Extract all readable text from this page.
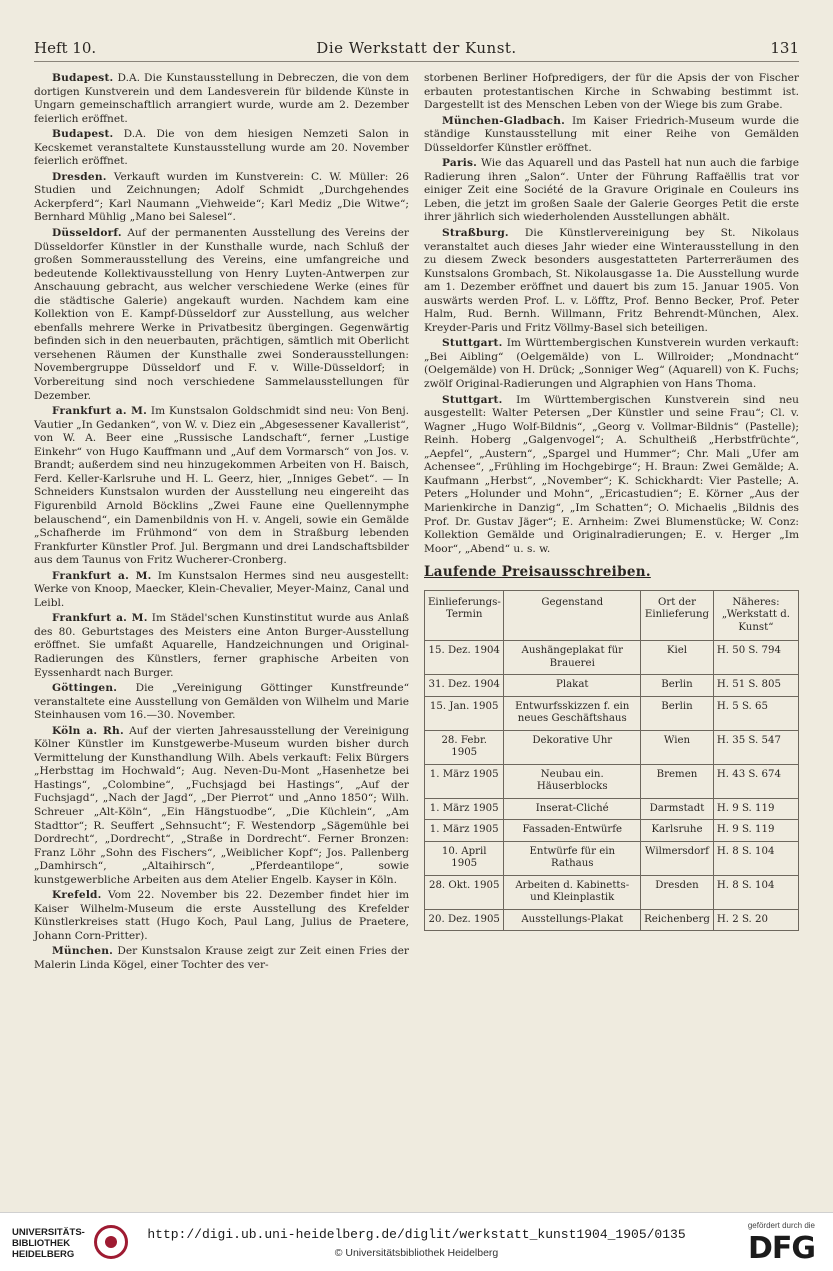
Heft 10.	Die Werkstatt der Kunst.	131

Budapest. D.A. Die Kunstausstellung in Debreczen, die von dem dortigen Kunstverein und dem Landesverein für bildende Künste in Ungarn gemeinschaftlich arrangiert wurde, wurde am 2. Dezember feierlich eröffnet.

Budapest. D.A. Die von dem hiesigen Nemzeti Salon in Kecskemet veranstaltete Kunstausstellung wurde am 20. November feierlich eröffnet.

Dresden. Verkauft wurden im Kunstverein: C. W. Müller: 26 Studien und Zeichnungen; Adolf Schmidt „Durchgehendes Ackerpferd“; Karl Naumann „Viehweide“; Karl Mediz „Die Witwe“; Bernhard Mühlig „Mano bei Salesel“.

Düsseldorf. Auf der permanenten Ausstellung des Vereins der Düsseldorfer Künstler in der Kunsthalle wurde, nach Schluß der großen Sommerausstellung des Vereins, eine umfangreiche und bedeutende Kollektivausstellung von Henry Luyten-Antwerpen zur Anschauung gebracht, aus welcher verschiedene Werke (eines für die städtische Galerie) angekauft wurden. Nachdem kam eine Kollektion von E. Kampf-Düsseldorf zur Ausstellung, aus welcher ebenfalls mehrere Werke in Privatbesitz übergingen. Gegenwärtig befinden sich in den neuerbauten, prächtigen, sämtlich mit Oberlicht versehenen Räumen der Kunsthalle zwei Sonderausstellungen: Novembergruppe Düsseldorf und F. v. Wille-Düsseldorf; in Vorbereitung sind noch verschiedene Sammelausstellungen für Dezember.

Frankfurt a. M. Im Kunstsalon Goldschmidt sind neu: Von Benj. Vautier „In Gedanken“, von W. v. Diez ein „Abgesessener Kavallerist“, von W. A. Beer eine „Russische Landschaft“, ferner „Lustige Einkehr“ von Hugo Kauffmann und „Auf dem Vormarsch“ von Jos. v. Brandt; außerdem sind neu hinzugekommen Arbeiten von H. Baisch, Ferd. Keller-Karlsruhe und H. L. Geerz, hier, „Inniges Gebet“. — In Schneiders Kunstsalon wurden der Ausstellung neu eingereiht das Figurenbild Arnold Böcklins „Zwei Faune eine Quellennymphe belauschend“, ein Damenbildnis von H. v. Angeli, sowie ein Gemälde „Schafherde im Frühmond“ von dem in Straßburg lebenden Frankfurter Künstler Prof. Jul. Bergmann und drei Landschaftsbilder aus dem Taunus von Fritz Wucherer-Cronberg.

Frankfurt a. M. Im Kunstsalon Hermes sind neu ausgestellt: Werke von Knoop, Maecker, Klein-Chevalier, Meyer-Mainz, Canal und Leibl.

Frankfurt a. M. Im Städel'schen Kunstinstitut wurde aus Anlaß des 80. Geburtstages des Meisters eine Anton Burger-Ausstellung eröffnet. Sie umfaßt Aquarelle, Handzeichnungen und Original-Radierungen des Künstlers, ferner graphische Arbeiten von Eyssenhardt nach Burger.

Göttingen. Die „Vereinigung Göttinger Kunstfreunde“ veranstaltete eine Ausstellung von Gemälden von Wilhelm und Marie Steinhausen vom 16.—30. November.

Köln a. Rh. Auf der vierten Jahresausstellung der Vereinigung Kölner Künstler im Kunstgewerbe-Museum wurden bisher durch Vermittelung der Kunsthandlung Wilh. Abels verkauft: Felix Bürgers „Herbsttag im Hochwald“; Aug. Neven-Du-Mont „Hasenhetze bei Hastings“, „Colombine“, „Fuchsjagd bei Hastings“, „Auf der Fuchsjagd“, „Nach der Jagd“, „Der Pierrot“ und „Anno 1850“; Wilh. Schreuer „Alt-Köln“, „Ein Hängstuodbe“, „Die Küchlein“, „Am Stadttor“; R. Seuffert „Sehnsucht“; F. Westendorp „Sägemühle bei Dordrecht“, „Dordrecht“, „Straße in Dordrecht“. Ferner Bronzen: Franz Löhr „Sohn des Fischers“, „Weiblicher Kopf“; Jos. Pallenberg „Damhirsch“, „Altaihirsch“, „Pferdeantilope“, sowie kunstgewerbliche Arbeiten aus dem Atelier Engelb. Kayser in Köln.

Krefeld. Vom 22. November bis 22. Dezember findet hier im Kaiser Wilhelm-Museum die erste Ausstellung des Krefelder Künstlerkreises statt (Hugo Koch, Paul Lang, Julius de Praetere, Johann Corn-Pritter).

München. Der Kunstsalon Krause zeigt zur Zeit einen Fries der Malerin Linda Kögel, einer Tochter des ver-

storbenen Berliner Hofpredigers, der für die Apsis der von Fischer erbauten protestantischen Kirche in Schwabing bestimmt ist. Dargestellt ist des Menschen Leben von der Wiege bis zum Grabe.

München-Gladbach. Im Kaiser Friedrich-Museum wurde die ständige Kunstausstellung mit einer Reihe von Gemälden Düsseldorfer Künstler eröffnet.

Paris. Wie das Aquarell und das Pastell hat nun auch die farbige Radierung ihren „Salon“. Unter der Führung Raffaëllis trat vor einiger Zeit eine Société de la Gravure Originale en Couleurs ins Leben, die jetzt im großen Saale der Galerie Georges Petit die erste ihrer jährlich sich wiederholenden Ausstellungen abhält.

Straßburg. Die Künstlervereinigung bey St. Nikolaus veranstaltet auch dieses Jahr wieder eine Winterausstellung in den zu diesem Zweck besonders ausgestatteten Parterreräumen des Kunstsalons Grombach, St. Nikolausgasse 1a. Die Ausstellung wurde am 1. Dezember eröffnet und dauert bis zum 15. Januar 1905. Von auswärts werden Prof. L. v. Löfftz, Prof. Benno Becker, Prof. Peter Halm, Rud. Bernh. Willmann, Fritz Behrendt-München, Alex. Kreyder-Paris und Fritz Völlmy-Basel sich beteiligen.

Stuttgart. Im Württembergischen Kunstverein wurden verkauft: „Bei Aibling“ (Oelgemälde) von L. Willroider; „Mondnacht“ (Oelgemälde) von H. Drück; „Sonniger Weg“ (Aquarell) von K. Fuchs; zwölf Original-Radierungen und Algraphien von Hans Thoma.

Stuttgart. Im Württembergischen Kunstverein sind neu ausgestellt: Walter Petersen „Der Künstler und seine Frau“; Cl. v. Wagner „Hugo Wolf-Bildnis“, „Georg v. Vollmar-Bildnis“ (Pastelle); Reinh. Hoberg „Galgenvogel“; A. Schultheiß „Herbstfrüchte“, „Aepfel“, „Austern“, „Spargel und Hummer“; Chr. Mali „Ufer am Achensee“, „Frühling im Hochgebirge“; H. Braun: Zwei Gemälde; A. Kaufmann „Herbst“, „November“; K. Schickhardt: Vier Pastelle; A. Peters „Holunder und Mohn“, „Ericastudien“; E. Körner „Aus der Marienkirche in Danzig“, „Im Schatten“; O. Michaelis „Bildnis des Prof. Dr. Gustav Jäger“; E. Arnheim: Zwei Blumenstücke; W. Conz: Kollektion Gemälde und Originalradierungen; E. v. Herger „Im Moor“, „Abend“ u. s. w.

Laufende Preisausschreiben.
Einlieferungs-Termin	Gegenstand	Ort der Einlieferung	Näheres: „Werkstatt d. Kunst“
15. Dez. 1904	Aushängeplakat für Brauerei	Kiel	H. 50 S. 794
31. Dez. 1904	Plakat	Berlin	H. 51 S. 805
15. Jan. 1905	Entwurfsskizzen f. ein neues Geschäftshaus	Berlin	H. 5 S. 65
28. Febr. 1905	Dekorative Uhr	Wien	H. 35 S. 547
1. März 1905	Neubau ein. Häuserblocks	Bremen	H. 43 S. 674
1. März 1905	Inserat-Cliché	Darmstadt	H. 9 S. 119
1. März 1905	Fassaden-Entwürfe	Karlsruhe	H. 9 S. 119
10. April 1905	Entwürfe für ein Rathaus	Wilmersdorf	H. 8 S. 104
28. Okt. 1905	Arbeiten d. Kabinetts- und Kleinplastik	Dresden	H. 8 S. 104
20. Dez. 1905	Ausstellungs-Plakat	Reichenberg	H. 2 S. 20
UNIVERSITÄTS-BIBLIOTHEK HEIDELBERG
http://digi.ub.uni-heidelberg.de/diglit/werkstatt_kunst1904_1905/0135
© Universitätsbibliothek Heidelberg
gefördert durch die
DFG
